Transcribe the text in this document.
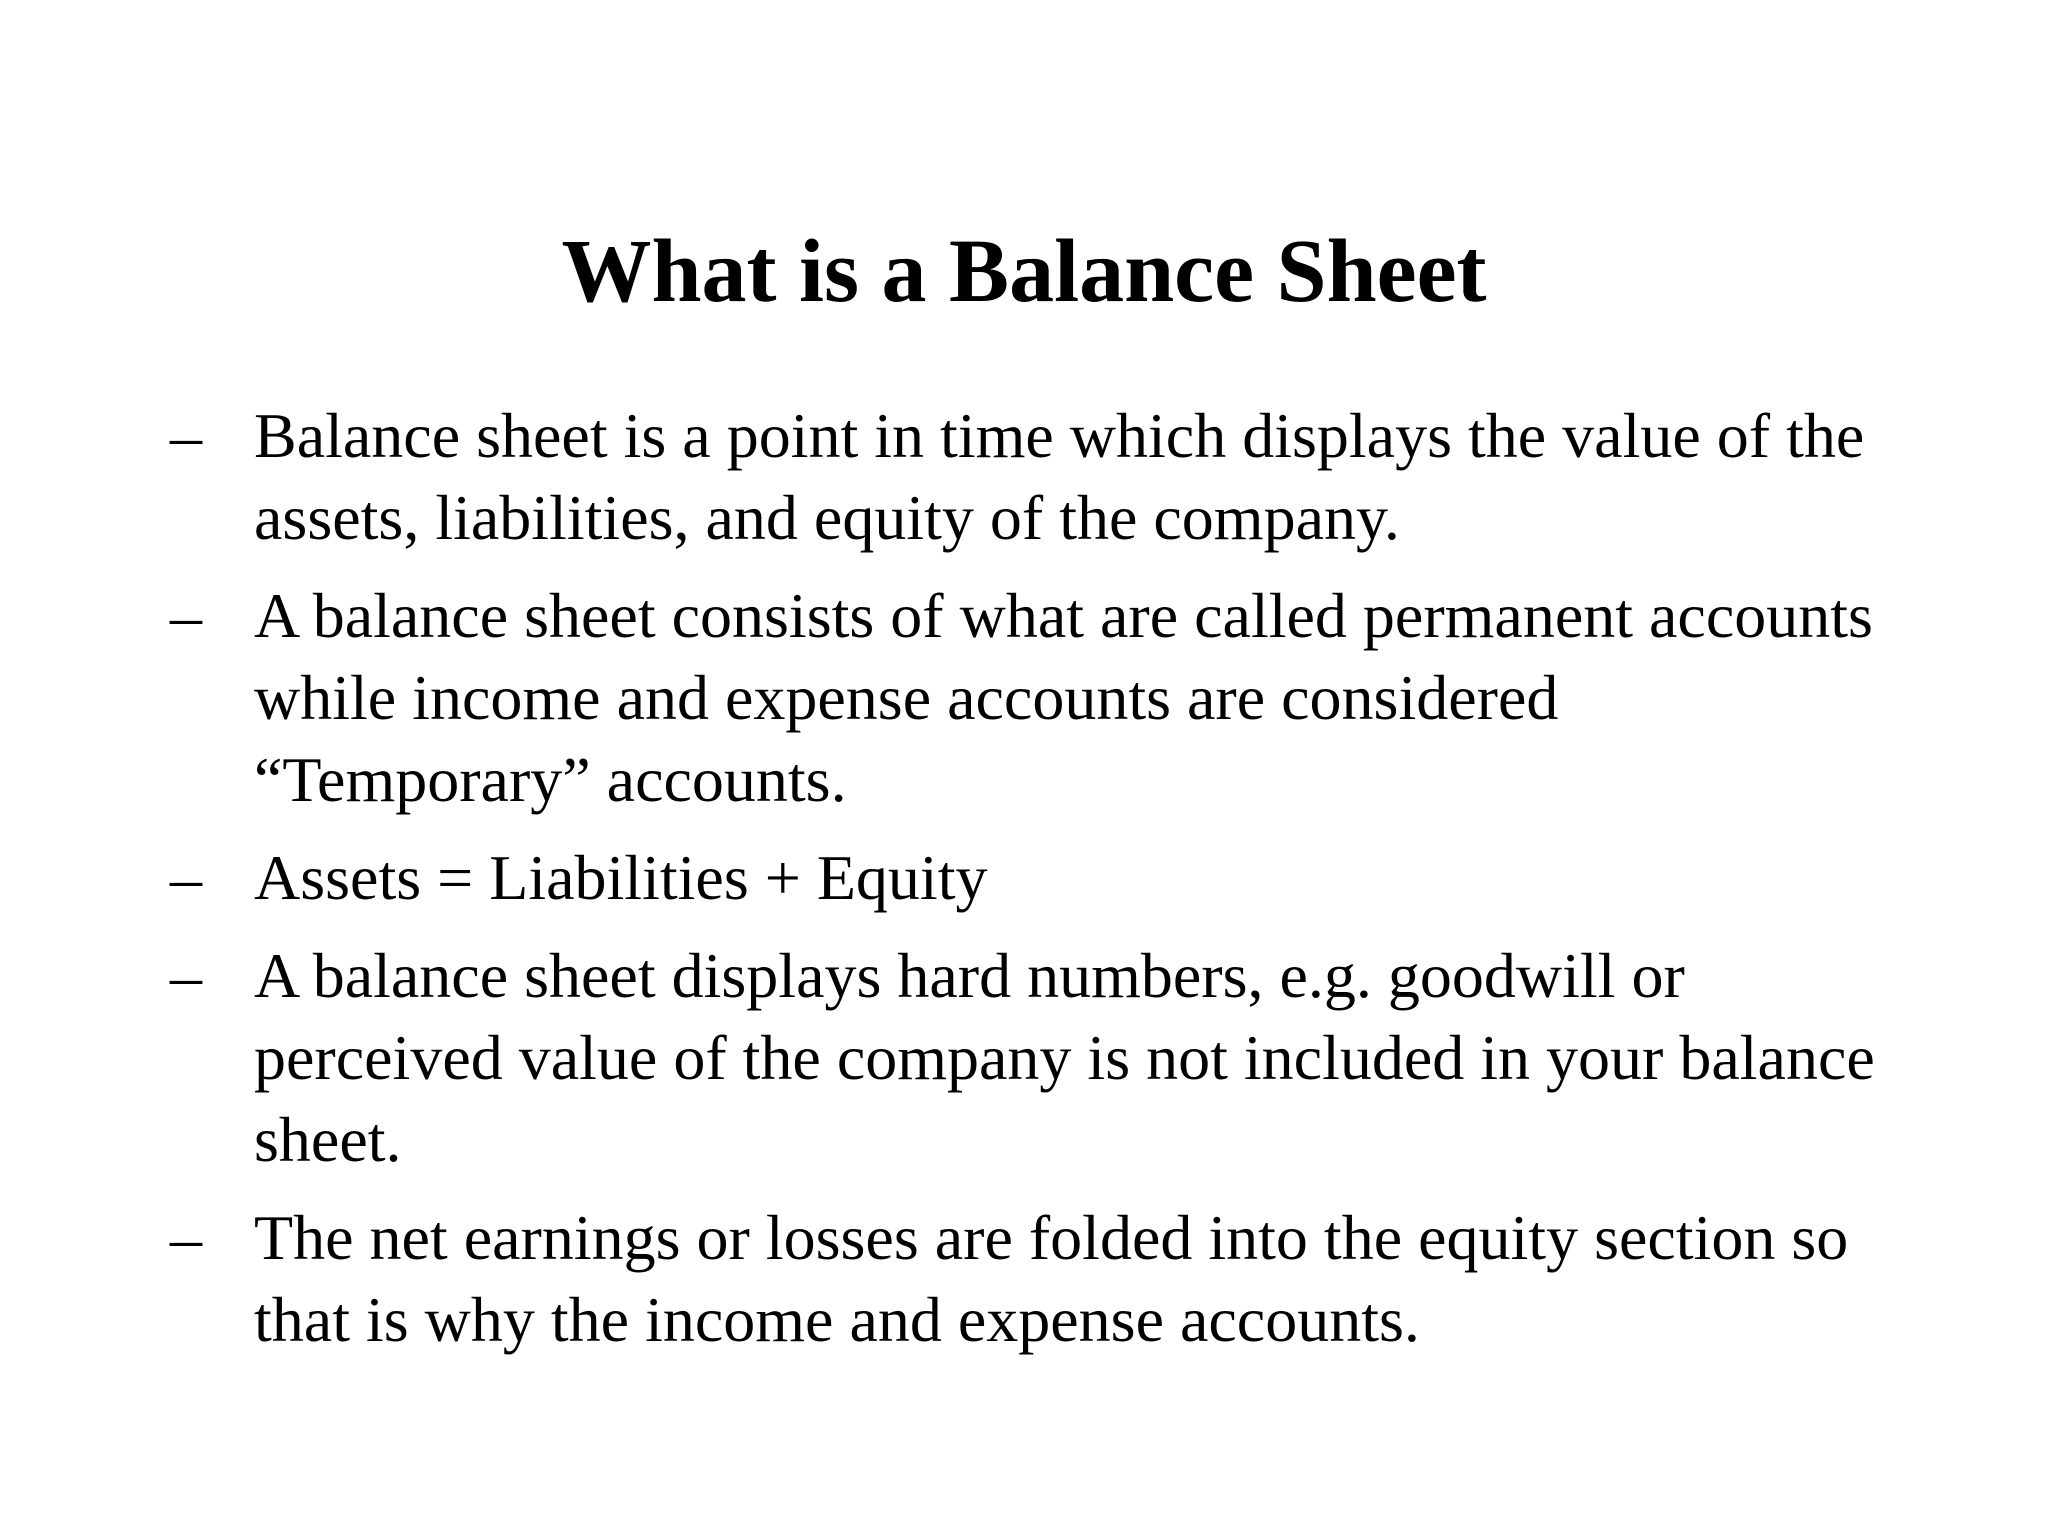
What is a Balance Sheet
– Balance sheet is a point in time which displays the value of the assets, liabilities, and equity of the company.
– A balance sheet consists of what are called permanent accounts while income and expense accounts are considered “Temporary” accounts.
– Assets = Liabilities + Equity
– A balance sheet displays hard numbers, e.g. goodwill or perceived value of the company is not included in your balance sheet.
– The net earnings or losses are folded into the equity section so that is why the income and expense accounts.
